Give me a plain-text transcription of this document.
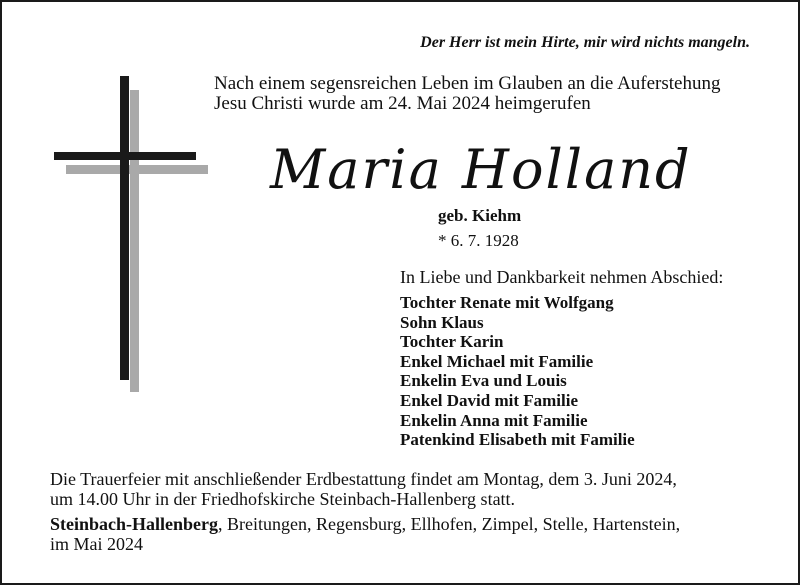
Der Herr ist mein Hirte, mir wird nichts mangeln.
Nach einem segensreichen Leben im Glauben an die Auferstehung
Jesu Christi wurde am 24. Mai 2024 heimgerufen
Maria Holland
geb. Kiehm
* 6. 7. 1928
In Liebe und Dankbarkeit nehmen Abschied:
Tochter Renate mit Wolfgang
Sohn Klaus
Tochter Karin
Enkel Michael mit Familie
Enkelin Eva und Louis
Enkel David mit Familie
Enkelin Anna mit Familie
Patenkind Elisabeth mit Familie
Die Trauerfeier mit anschließender Erdbestattung findet am Montag, dem 3. Juni 2024,
um 14.00 Uhr in der Friedhofskirche Steinbach-Hallenberg statt.
Steinbach-Hallenberg, Breitungen, Regensburg, Ellhofen, Zimpel, Stelle, Hartenstein,
im Mai 2024
